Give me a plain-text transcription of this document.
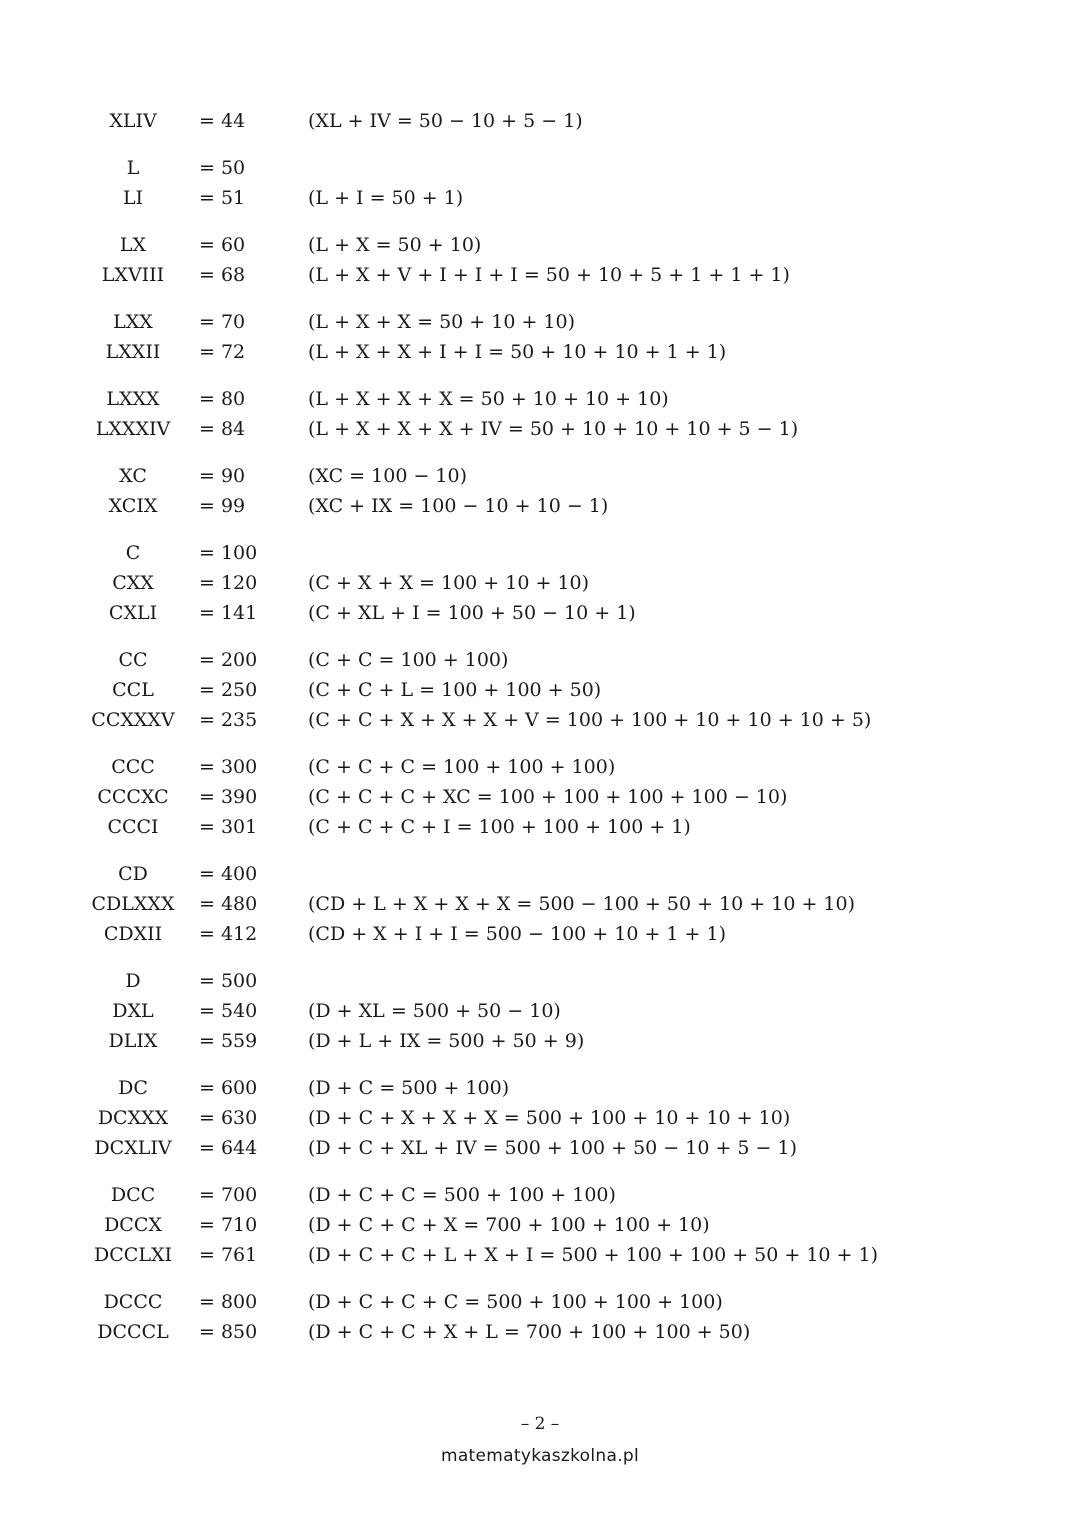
XLIV	= 44	(XL + IV = 50 − 10 + 5 − 1)
L	= 50
LI	= 51	(L + I = 50 + 1)
LX	= 60	(L + X = 50 + 10)
LXVIII	= 68	(L + X + V + I + I + I = 50 + 10 + 5 + 1 + 1 + 1)
LXX	= 70	(L + X + X = 50 + 10 + 10)
LXXII	= 72	(L + X + X + I + I = 50 + 10 + 10 + 1 + 1)
LXXX	= 80	(L + X + X + X = 50 + 10 + 10 + 10)
LXXXIV	= 84	(L + X + X + X + IV = 50 + 10 + 10 + 10 + 5 − 1)
XC	= 90	(XC = 100 − 10)
XCIX	= 99	(XC + IX = 100 − 10 + 10 − 1)
C	= 100
CXX	= 120	(C + X + X = 100 + 10 + 10)
CXLI	= 141	(C + XL + I = 100 + 50 − 10 + 1)
CC	= 200	(C + C = 100 + 100)
CCL	= 250	(C + C + L = 100 + 100 + 50)
CCXXXV	= 235	(C + C + X + X + X + V = 100 + 100 + 10 + 10 + 10 + 5)
CCC	= 300	(C + C + C = 100 + 100 + 100)
CCCXC	= 390	(C + C + C + XC = 100 + 100 + 100 + 100 − 10)
CCCI	= 301	(C + C + C + I = 100 + 100 + 100 + 1)
CD	= 400
CDLXXX	= 480	(CD + L + X + X + X = 500 − 100 + 50 + 10 + 10 + 10)
CDXII	= 412	(CD + X + I + I = 500 − 100 + 10 + 1 + 1)
D	= 500
DXL	= 540	(D + XL = 500 + 50 − 10)
DLIX	= 559	(D + L + IX = 500 + 50 + 9)
DC	= 600	(D + C = 500 + 100)
DCXXX	= 630	(D + C + X + X + X = 500 + 100 + 10 + 10 + 10)
DCXLIV	= 644	(D + C + XL + IV = 500 + 100 + 50 − 10 + 5 − 1)
DCC	= 700	(D + C + C = 500 + 100 + 100)
DCCX	= 710	(D + C + C + X = 700 + 100 + 100 + 10)
DCCLXI	= 761	(D + C + C + L + X + I = 500 + 100 + 100 + 50 + 10 + 1)
DCCC	= 800	(D + C + C + C = 500 + 100 + 100 + 100)
DCCCL	= 850	(D + C + C + X + L = 700 + 100 + 100 + 50)
– 2 –
matematykaszkolna.pl
